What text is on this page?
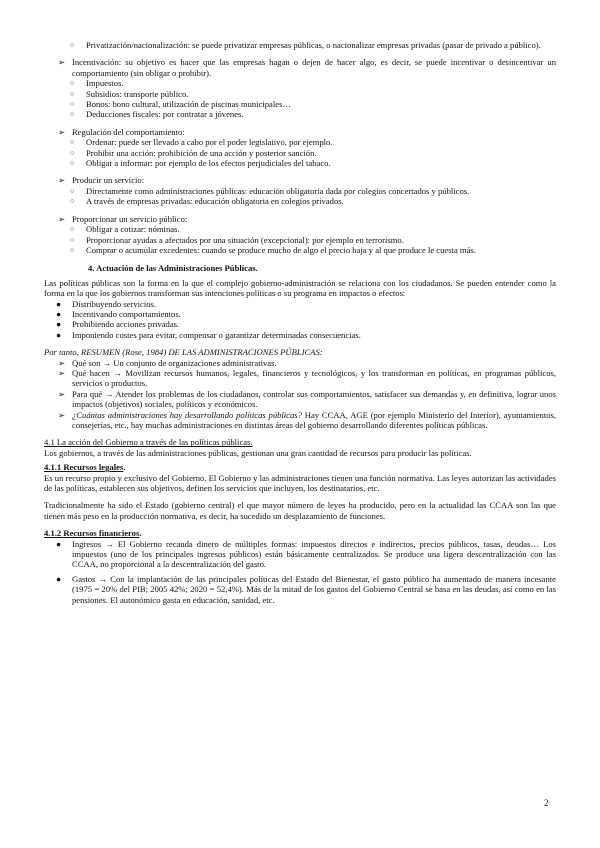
○ Privatización/nacionalización: se puede privatizar empresas públicas, o nacionalizar empresas privadas (pasar de privado a público).
➢ Incentivación: su objetivo es hacer que las empresas hagan o dejen de hacer algo, es decir, se puede incentivar o desincentivar un comportamiento (sin obligar o prohibir).
○ Impuestos.
○ Subsidios: transporte público.
○ Bonos: bono cultural, utilización de piscinas municipales…
○ Deducciones fiscales: por contratar a jóvenes.
➢ Regulación del comportamiento:
○ Ordenar: puede ser llevado a cabo por el poder legislativo, por ejemplo.
○ Prohibir una acción: prohibición de una acción y posterior sanción.
○ Obligar a informar: por ejemplo de los efectos perjudiciales del tabaco.
➢ Producir un servicio:
○ Directamente como administraciones públicas: educación obligatoria dada por colegios concertados y públicos.
○ A través de empresas privadas: educación obligatoria en colegios privados.
➢ Proporcionar un servicio público:
○ Obligar a cotizar: nóminas.
○ Proporcionar ayudas a afectados por una situación (excepcional): por ejemplo en terrorismo.
○ Comprar o acumular excedentes: cuando se produce mucho de algo el precio baja y al que produce le cuesta más.

4. Actuación de las Administraciones Públicas.

Las políticas públicas son la forma en la que el complejo gobierno-administración se relaciona con los ciudadanos. Se pueden entender como la forma en la que los gobiernos transforman sus intenciones políticas o su programa en impactos o efectos:

● Distribuyendo servicios.
● Incentivando comportamientos.
● Prohibiendo acciones privadas.
● Imponiendo costes para evitar, compensar o garantizar determinadas consecuencias.

Por tanto, RESUMEN (Rose, 1984) DE LAS ADMINISTRACIONES PÚBLICAS:

➢ Qué son → Un conjunto de organizaciones administrativas.
➢ Qué hacen → Movilizan recursos humanos, legales, financieros y tecnológicos, y los transforman en políticas, en programas públicos, servicios o productos.
➢ Para qué → Atender los problemas de los ciudadanos, controlar sus comportamientos, satisfacer sus demandas y, en definitiva, lograr unos impactos (objetivos) sociales, políticos y económicos.
➢ ¿Cuántas administraciones hay desarrollando políticas públicas? Hay CCAA, AGE (por ejemplo Ministerio del Interior), ayuntamientos, consejerías, etc., hay muchas administraciones en distintas áreas del gobierno desarrollando diferentes políticas públicas.

4.1 La acción del Gobierno a través de las políticas públicas.

Los gobiernos, a través de las administraciones públicas, gestionan una gran cantidad de recursos para producir las políticas.

4.1.1 Recursos legales.

Es un recurso propio y exclusivo del Gobierno. El Gobierno y las administraciones tienen una función normativa. Las leyes autorizan las actividades de las políticas, establecen sus objetivos, definen los servicios que incluyen, los destinatarios, etc.

Tradicionalmente ha sido el Estado (gobierno central) el que mayor número de leyes ha producido, pero en la actualidad las CCAA son las que tienen más peso en la producción normativa, es decir, ha sucedido un desplazamiento de funciones.

4.1.2 Recursos financieros.

● Ingresos → El Gobierno recauda dinero de múltiples formas: impuestos directos e indirectos, precios públicos, tasas, deudas… Los impuestos (uno de los principales ingresos públicos) están básicamente centralizados. Se produce una ligera descentralización con las CCAA, no proporcional a la descentralización del gasto.
● Gastos → Con la implantación de las principales políticas del Estado del Bienestar, el gasto público ha aumentado de manera incesante (1975 = 20% del PIB; 2005 42%; 2020 = 52,4%). Más de la mitad de los gastos del Gobierno Central se basa en las deudas, así como en las pensiones. El autonómico gasta en educación, sanidad, etc.
2
